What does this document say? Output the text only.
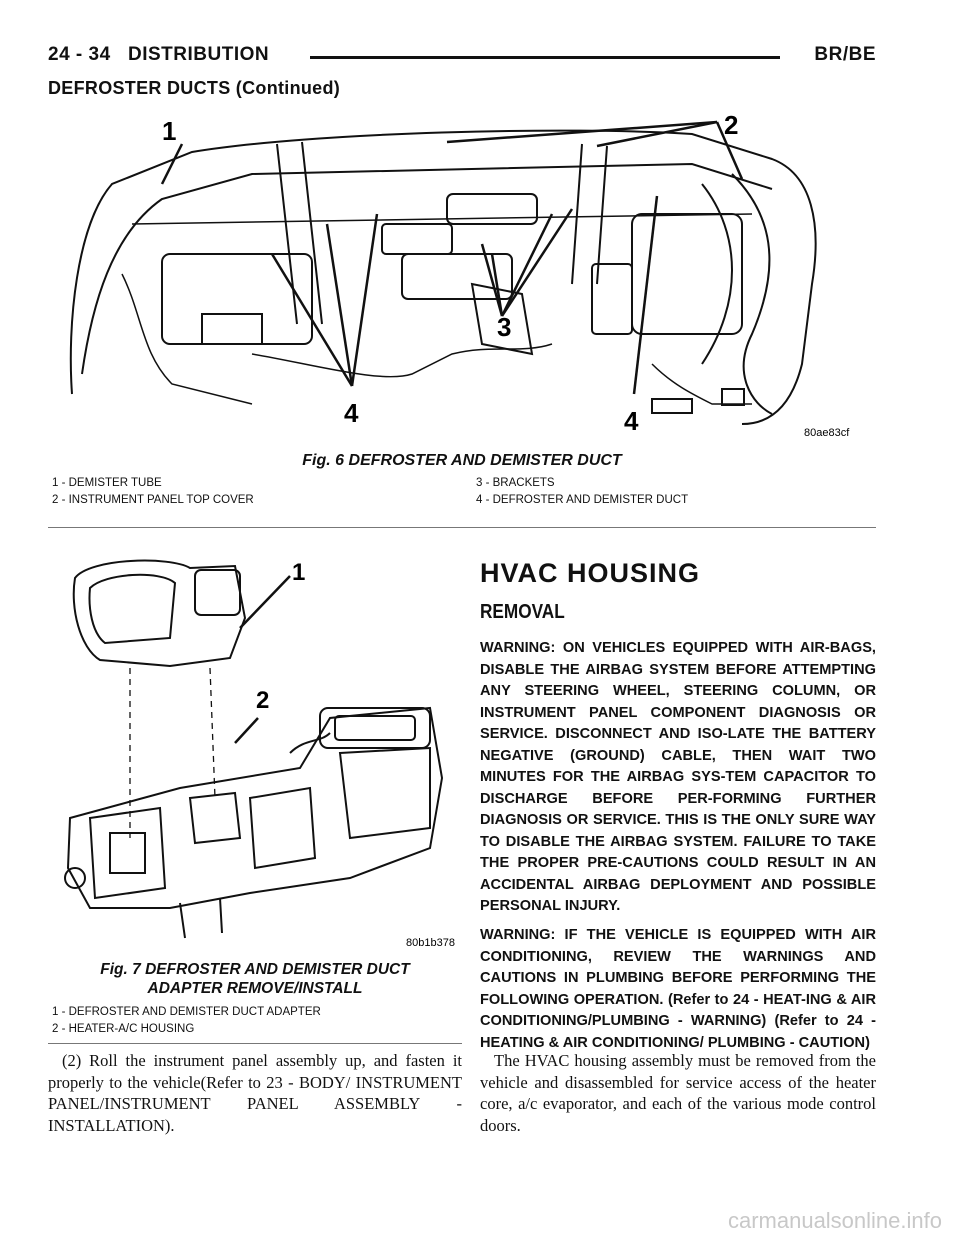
24 - 34 DISTRIBUTION	BR/BE
DEFROSTER DUCTS (Continued)
1	2
3
4	4	80ae83cf
Fig. 6 DEFROSTER AND DEMISTER DUCT
1 - DEMISTER TUBE
2 - INSTRUMENT PANEL TOP COVER
3 - BRACKETS
4 - DEFROSTER AND DEMISTER DUCT
1
2
80b1b378
Fig. 7 DEFROSTER AND DEMISTER DUCT
ADAPTER REMOVE/INSTALL
1 - DEFROSTER AND DEMISTER DUCT ADAPTER
2 - HEATER-A/C HOUSING
(2) Roll the instrument panel assembly up, and fasten it properly to the vehicle(Refer to 23 - BODY/ INSTRUMENT PANEL/INSTRUMENT PANEL ASSEMBLY - INSTALLATION).
HVAC HOUSING
REMOVAL
WARNING: ON VEHICLES EQUIPPED WITH AIR-BAGS, DISABLE THE AIRBAG SYSTEM BEFORE ATTEMPTING ANY STEERING WHEEL, STEERING COLUMN, OR INSTRUMENT PANEL COMPONENT DIAGNOSIS OR SERVICE. DISCONNECT AND ISO-LATE THE BATTERY NEGATIVE (GROUND) CABLE, THEN WAIT TWO MINUTES FOR THE AIRBAG SYS-TEM CAPACITOR TO DISCHARGE BEFORE PER-FORMING FURTHER DIAGNOSIS OR SERVICE. THIS IS THE ONLY SURE WAY TO DISABLE THE AIRBAG SYSTEM. FAILURE TO TAKE THE PROPER PRE-CAUTIONS COULD RESULT IN AN ACCIDENTAL AIRBAG DEPLOYMENT AND POSSIBLE PERSONAL INJURY.
WARNING: IF THE VEHICLE IS EQUIPPED WITH AIR CONDITIONING, REVIEW THE WARNINGS AND CAUTIONS IN PLUMBING BEFORE PERFORMING THE FOLLOWING OPERATION. (Refer to 24 - HEAT-ING & AIR CONDITIONING/PLUMBING - WARNING) (Refer to 24 - HEATING & AIR CONDITIONING/ PLUMBING - CAUTION)
The HVAC housing assembly must be removed from the vehicle and disassembled for service access of the heater core, a/c evaporator, and each of the various mode control doors.
carmanualsonline.info
